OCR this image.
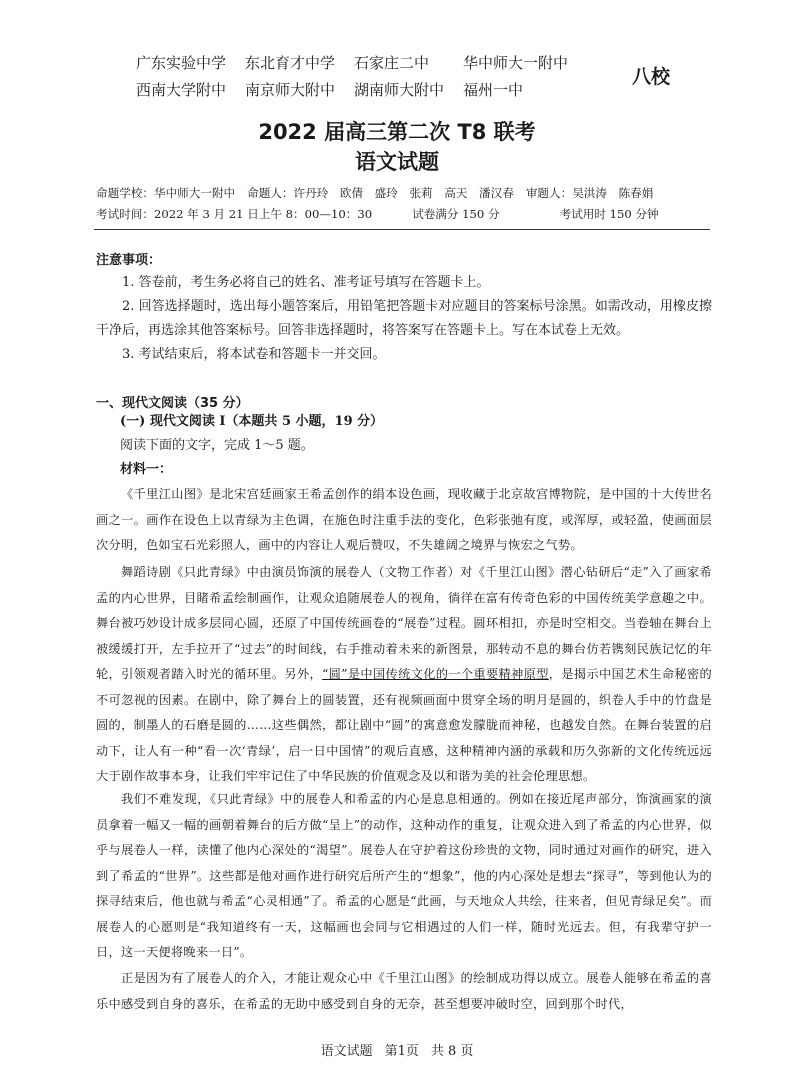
广东实验中学 东北育才中学 石家庄二中 华中师大一附中
西南大学附中 南京师大附中 湖南师大附中 福州一中
八校
2022 届高三第二次 T8 联考
语文试题
命题学校：华中师大一附中 命题人：许丹玲　欧倩　盛玲　张莉　高天　潘汉春 审题人：吴洪涛　陈春娟
考试时间：2022 年 3 月 21 日上午 8：00—10：30	试卷满分 150 分	考试用时 150 分钟
注意事项：
1. 答卷前，考生务必将自己的姓名、准考证号填写在答题卡上。
2. 回答选择题时，选出每小题答案后，用铅笔把答题卡对应题目的答案标号涂黑。如需改动，用橡皮擦干净后，再选涂其他答案标号。回答非选择题时，将答案写在答题卡上。写在本试卷上无效。
3. 考试结束后，将本试卷和答题卡一并交回。
一、现代文阅读（35 分）
(一) 现代文阅读 Ⅰ（本题共 5 小题，19 分）
阅读下面的文字，完成 1～5 题。
材料一：
《千里江山图》是北宋宫廷画家王希孟创作的绢本设色画，现收藏于北京故宫博物院，是中国的十大传世名画之一。画作在设色上以青绿为主色调，在施色时注重手法的变化，色彩张弛有度，或浑厚，或轻盈，使画面层次分明，色如宝石光彩照人，画中的内容让人观后赞叹，不失雄阔之境界与恢宏之气势。
舞蹈诗剧《只此青绿》中由演员饰演的展卷人（文物工作者）对《千里江山图》潜心钻研后“走”入了画家希孟的内心世界，目睹希孟绘制画作，让观众追随展卷人的视角，徜徉在富有传奇色彩的中国传统美学意趣之中。舞台被巧妙设计成多层同心圆，还原了中国传统画卷的“展卷”过程。圆环相扣，亦是时空相交。当卷轴在舞台上被缓缓打开，左手拉开了“过去”的时间线，右手推动着未来的新图景，那转动不息的舞台仿若镌刻民族记忆的年轮，引领观者踏入时光的循环里。另外，“圆”是中国传统文化的一个重要精神原型，是揭示中国艺术生命秘密的不可忽视的因素。在剧中，除了舞台上的圆装置，还有视频画面中贯穿全场的明月是圆的，织卷人手中的竹盘是圆的，制墨人的石磨是圆的……这些偶然，都让剧中“圆”的寓意愈发朦胧而神秘，也越发自然。在舞台装置的启动下，让人有一种“看一次‘青绿’，启一日中国情”的观后直感，这种精神内涵的承载和历久弥新的文化传统远远大于剧作故事本身，让我们牢牢记住了中华民族的价值观念及以和谐为美的社会伦理思想。
我们不难发现，《只此青绿》中的展卷人和希孟的内心是息息相通的。例如在接近尾声部分，饰演画家的演员拿着一幅又一幅的画朝着舞台的后方做“呈上”的动作，这种动作的重复，让观众进入到了希孟的内心世界，似乎与展卷人一样，读懂了他内心深处的“渴望”。展卷人在守护着这份珍贵的文物，同时通过对画作的研究，进入到了希孟的“世界”。这些都是他对画作进行研究后所产生的“想象”，他的内心深处是想去“探寻”，等到他认为的探寻结束后，他也就与希孟“心灵相通”了。希孟的心愿是“此画，与天地众人共绘，往来者，但见青绿足矣”。而展卷人的心愿则是“我知道终有一天，这幅画也会同与它相遇过的人们一样，随时光远去。但，有我辈守护一日，这一天便将晚来一日”。
正是因为有了展卷人的介入，才能让观众心中《千里江山图》的绘制成功得以成立。展卷人能够在希孟的喜乐中感受到自身的喜乐，在希孟的无助中感受到自身的无奈，甚至想要冲破时空，回到那个时代，
语文试题 第1页 共 8 页
